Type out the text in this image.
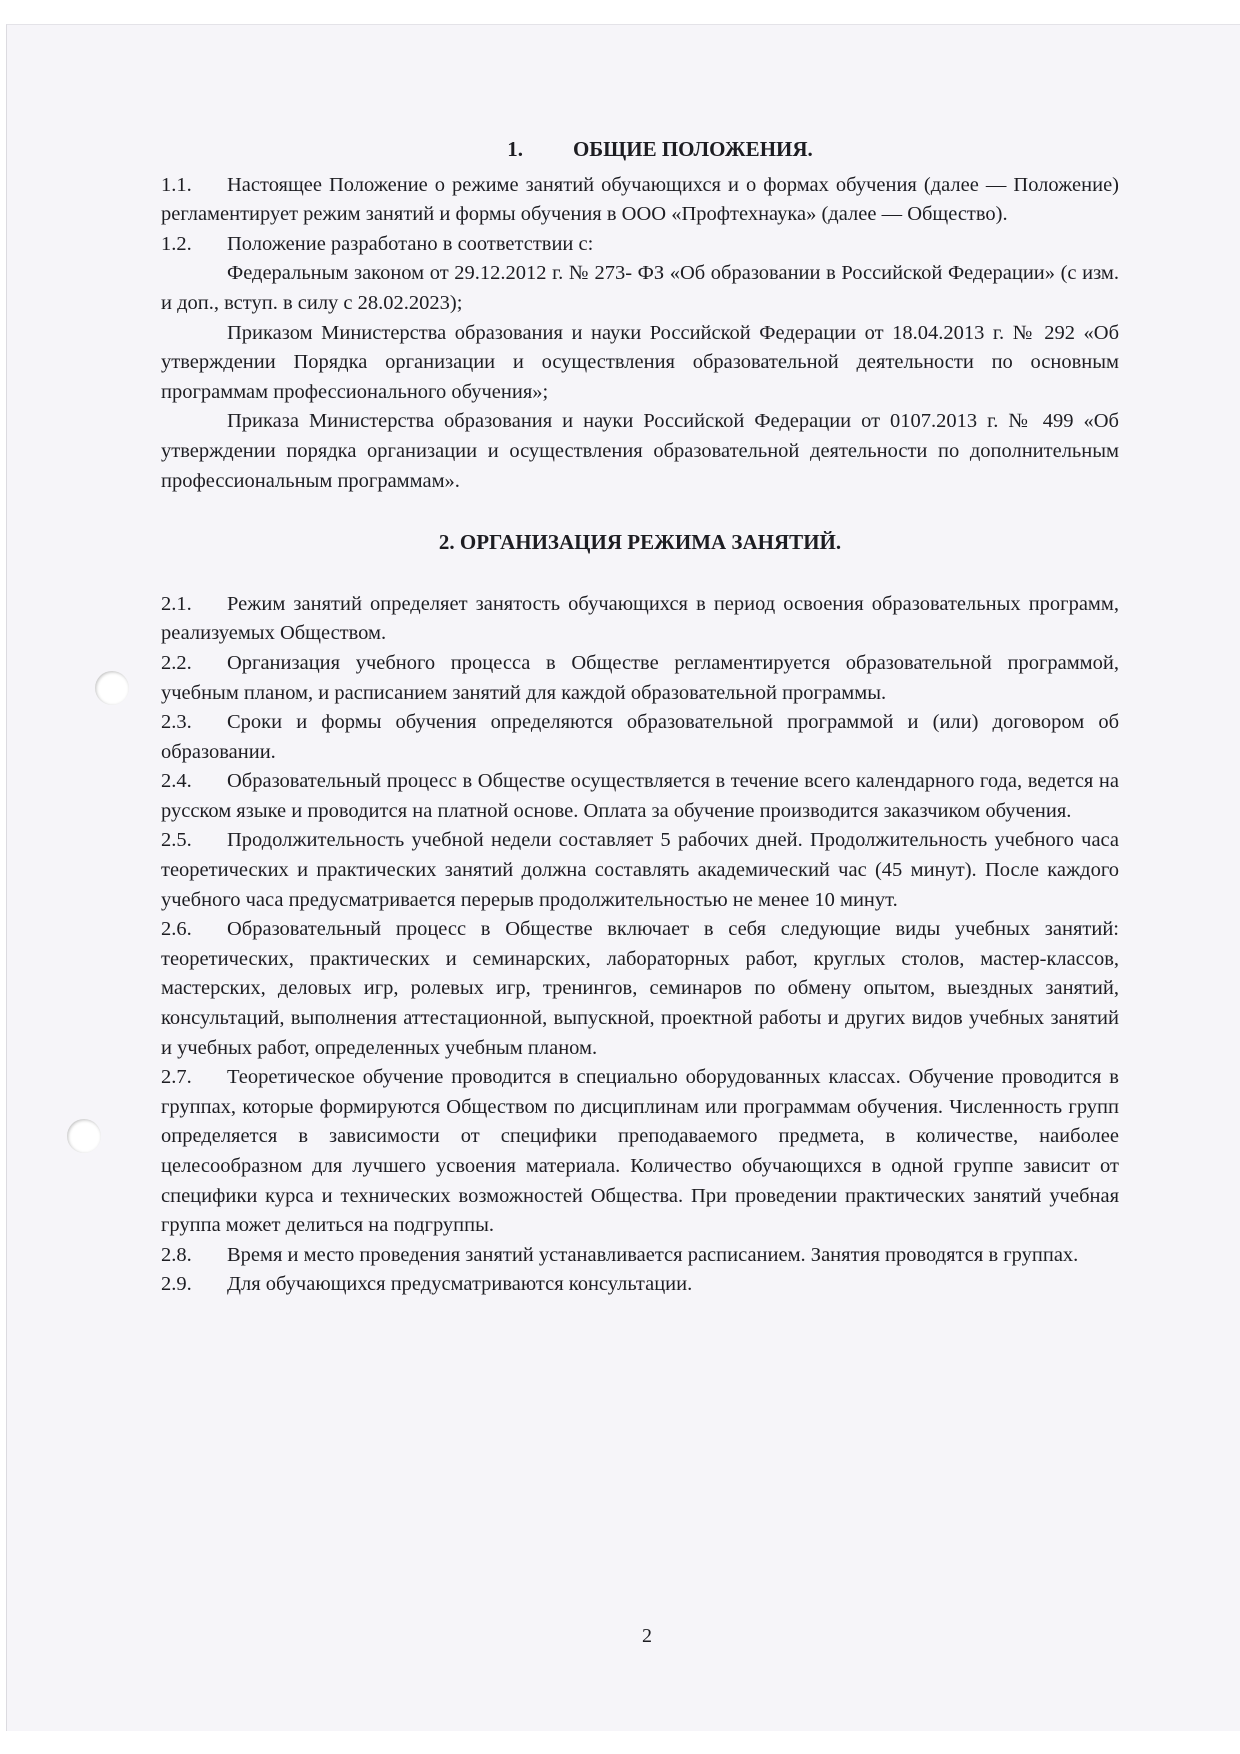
1. ОБЩИЕ ПОЛОЖЕНИЯ.

1.1. Настоящее Положение о режиме занятий обучающихся и о формах обучения (далее — Положение) регламентирует режим занятий и формы обучения в ООО «Профтехнаука» (далее — Общество).

1.2. Положение разработано в соответствии с:

Федеральным законом от 29.12.2012 г. № 273- ФЗ «Об образовании в Российской Федерации» (с изм. и доп., вступ. в силу с 28.02.2023);

Приказом Министерства образования и науки Российской Федерации от 18.04.2013 г. № 292 «Об утверждении Порядка организации и осуществления образовательной деятельности по основным программам профессионального обучения»;

Приказа Министерства образования и науки Российской Федерации от 0107.2013 г. № 499 «Об утверждении порядка организации и осуществления образовательной деятельности по дополнительным профессиональным программам».

2. ОРГАНИЗАЦИЯ РЕЖИМА ЗАНЯТИЙ.

2.1. Режим занятий определяет занятость обучающихся в период освоения образовательных программ, реализуемых Обществом.

2.2. Организация учебного процесса в Обществе регламентируется образовательной программой, учебным планом, и расписанием занятий для каждой образовательной программы.

2.3. Сроки и формы обучения определяются образовательной программой и (или) договором об образовании.

2.4. Образовательный процесс в Обществе осуществляется в течение всего календарного года, ведется на русском языке и проводится на платной основе. Оплата за обучение производится заказчиком обучения.

2.5. Продолжительность учебной недели составляет 5 рабочих дней. Продолжительность учебного часа теоретических и практических занятий должна составлять академический час (45 минут). После каждого учебного часа предусматривается перерыв продолжительностью не менее 10 минут.

2.6. Образовательный процесс в Обществе включает в себя следующие виды учебных занятий: теоретических, практических и семинарских, лабораторных работ, круглых столов, мастер-классов, мастерских, деловых игр, ролевых игр, тренингов, семинаров по обмену опытом, выездных занятий, консультаций, выполнения аттестационной, выпускной, проектной работы и других видов учебных занятий и учебных работ, определенных учебным планом.

2.7. Теоретическое обучение проводится в специально оборудованных классах. Обучение проводится в группах, которые формируются Обществом по дисциплинам или программам обучения. Численность групп определяется в зависимости от специфики преподаваемого предмета, в количестве, наиболее целесообразном для лучшего усвоения материала. Количество обучающихся в одной группе зависит от специфики курса и технических возможностей Общества. При проведении практических занятий учебная группа может делиться на подгруппы.

2.8. Время и место проведения занятий устанавливается расписанием. Занятия проводятся в группах.

2.9. Для обучающихся предусматриваются консультации.

2
